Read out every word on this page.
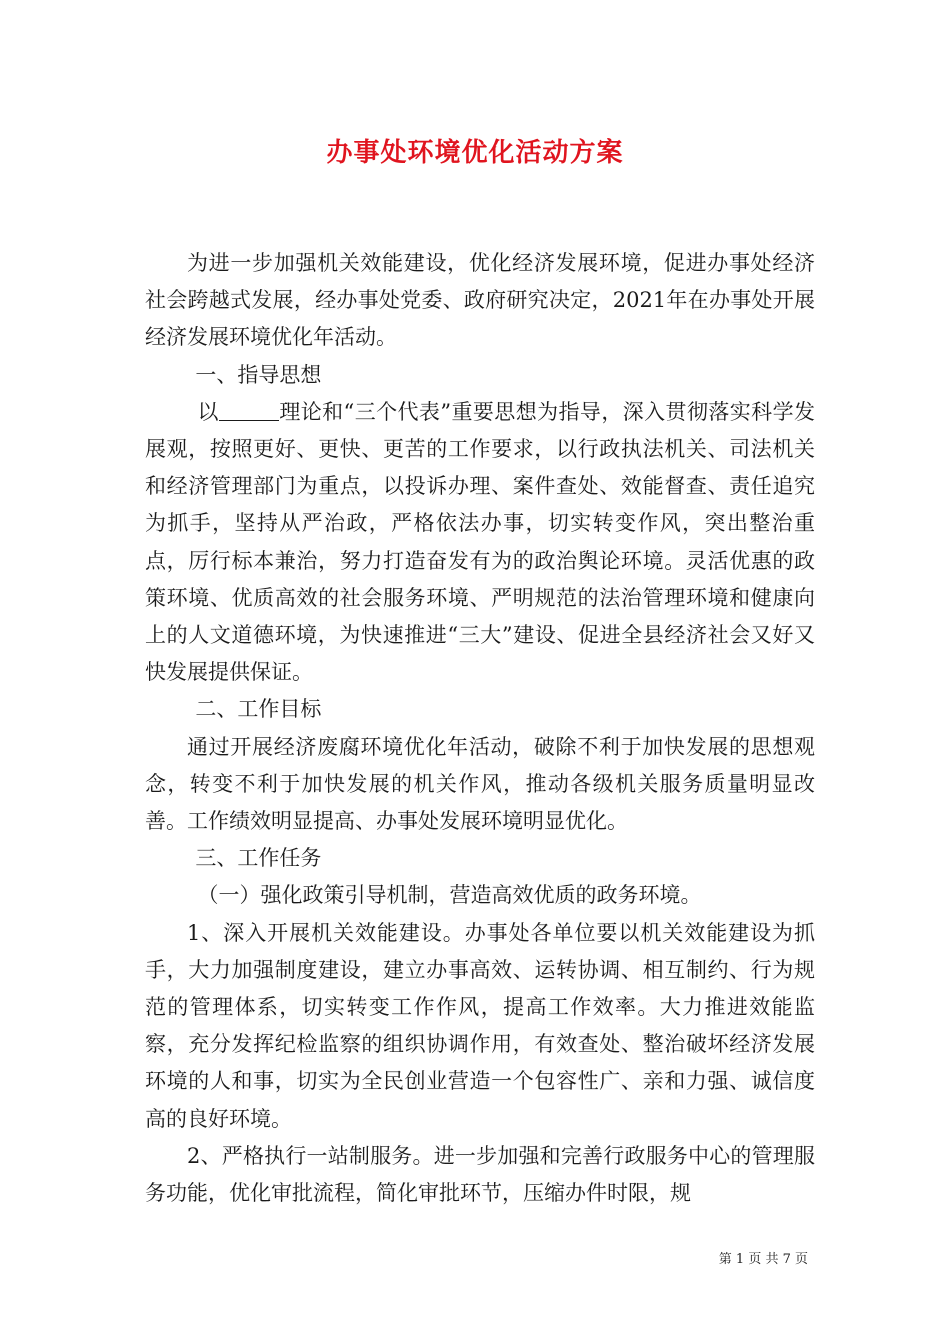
办事处环境优化活动方案

为进一步加强机关效能建设，优化经济发展环境，促进办事处经济社会跨越式发展，经办事处党委、政府研究决定，2021年在办事处开展经济发展环境优化年活动。

一、指导思想

以	理论和“三个代表”重要思想为指导，深入贯彻落实科学发展观，按照更好、更快、更苦的工作要求，以行政执法机关、司法机关和经济管理部门为重点，以投诉办理、案件查处、效能督查、责任追究为抓手，坚持从严治政，严格依法办事，切实转变作风，突出整治重点，厉行标本兼治，努力打造奋发有为的政治舆论环境。灵活优惠的政策环境、优质高效的社会服务环境、严明规范的法治管理环境和健康向上的人文道德环境，为快速推进“三大”建设、促进全县经济社会又好又快发展提供保证。

二、工作目标

通过开展经济废腐环境优化年活动，破除不利于加快发展的思想观念，转变不利于加快发展的机关作风，推动各级机关服务质量明显改善。工作绩效明显提高、办事处发展环境明显优化。

三、工作任务

（一）强化政策引导机制，营造高效优质的政务环境。

1、深入开展机关效能建设。办事处各单位要以机关效能建设为抓手，大力加强制度建设，建立办事高效、运转协调、相互制约、行为规范的管理体系，切实转变工作作风，提高工作效率。大力推进效能监察，充分发挥纪检监察的组织协调作用，有效查处、整治破坏经济发展环境的人和事，切实为全民创业营造一个包容性广、亲和力强、诚信度高的良好环境。

2、严格执行一站制服务。进一步加强和完善行政服务中心的管理服务功能，优化审批流程，简化审批环节，压缩办件时限，规

第 1 页 共 7 页
